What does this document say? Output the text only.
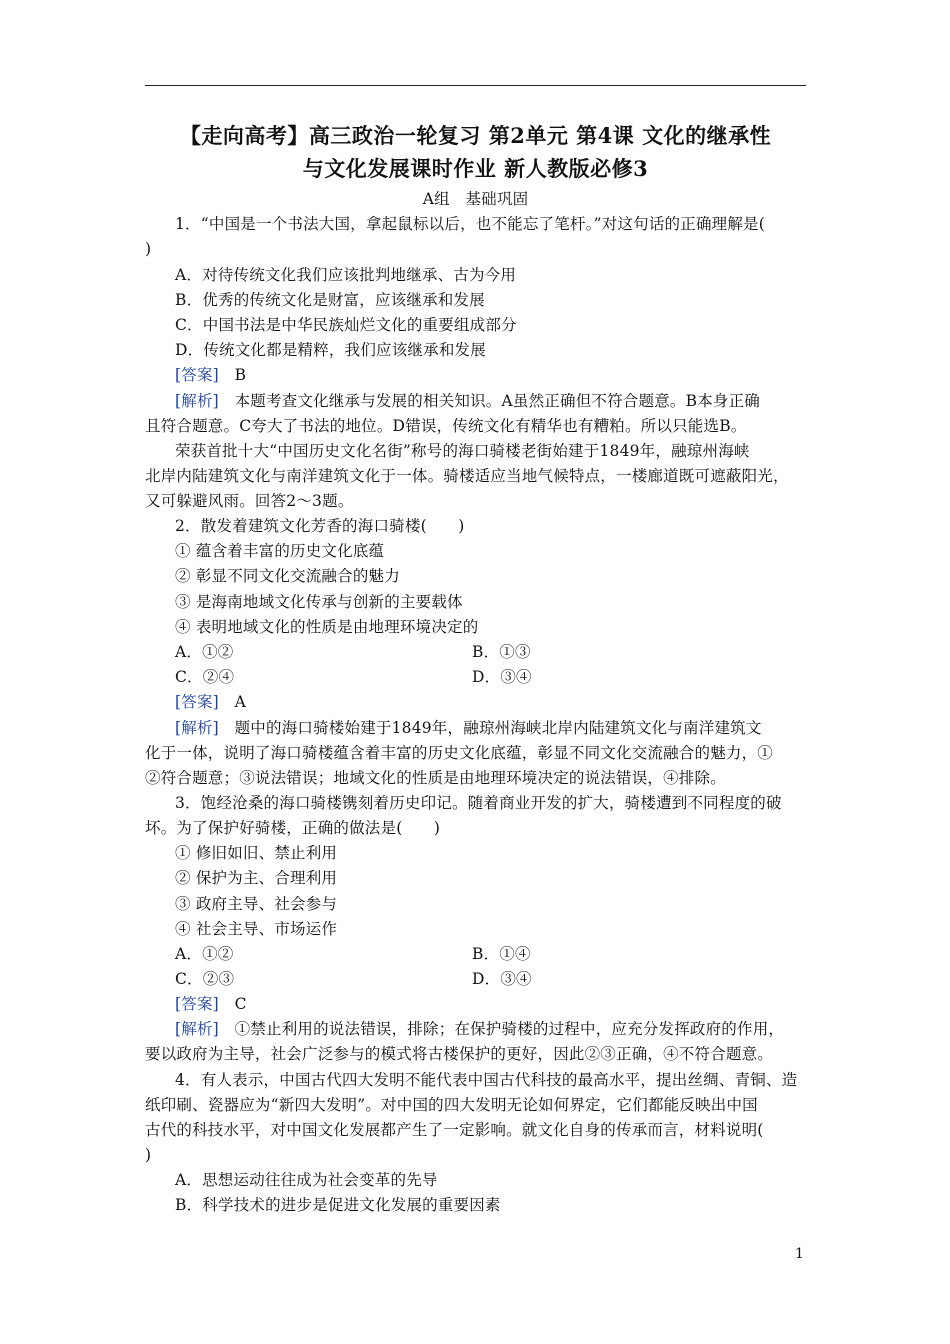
【走向高考】高三政治一轮复习 第2单元 第4课 文化的继承性
与文化发展课时作业 新人教版必修3
A组　基础巩固
1．“中国是一个书法大国，拿起鼠标以后，也不能忘了笔杆。”对这句话的正确理解是(
)
A．对待传统文化我们应该批判地继承、古为今用
B．优秀的传统文化是财富，应该继承和发展
C．中国书法是中华民族灿烂文化的重要组成部分
D．传统文化都是精粹，我们应该继承和发展
[答案]　 B
[解析]　 本题考查文化继承与发展的相关知识。A虽然正确但不符合题意。B本身正确
且符合题意。C夸大了书法的地位。D错误，传统文化有精华也有糟粕。所以只能选B。
荣获首批十大“中国历史文化名街”称号的海口骑楼老街始建于1849年，融琼州海峡
北岸内陆建筑文化与南洋建筑文化于一体。骑楼适应当地气候特点，一楼廊道既可遮蔽阳光，
又可躲避风雨。回答2～3题。
2．散发着建筑文化芳香的海口骑楼(　　)
① 蕴含着丰富的历史文化底蕴
② 彰显不同文化交流融合的魅力
③ 是海南地域文化传承与创新的主要载体
④ 表明地域文化的性质是由地理环境决定的
A．①②	B．①③
C．②④	D．③④
[答案]　 A
[解析]　 题中的海口骑楼始建于1849年，融琼州海峡北岸内陆建筑文化与南洋建筑文
化于一体，说明了海口骑楼蕴含着丰富的历史文化底蕴，彰显不同文化交流融合的魅力，①
②符合题意；③说法错误；地域文化的性质是由地理环境决定的说法错误，④排除。
3．饱经沧桑的海口骑楼镌刻着历史印记。随着商业开发的扩大，骑楼遭到不同程度的破
坏。为了保护好骑楼，正确的做法是(　　)
① 修旧如旧、禁止利用
② 保护为主、合理利用
③ 政府主导、社会参与
④ 社会主导、市场运作
A．①②	B．①④
C．②③	D．③④
[答案]　 C
[解析]　 ①禁止利用的说法错误，排除；在保护骑楼的过程中，应充分发挥政府的作用，
要以政府为主导，社会广泛参与的模式将古楼保护的更好，因此②③正确，④不符合题意。
4．有人表示，中国古代四大发明不能代表中国古代科技的最高水平，提出丝绸、青铜、造
纸印刷、瓷器应为“新四大发明”。对中国的四大发明无论如何界定，它们都能反映出中国
古代的科技水平，对中国文化发展都产生了一定影响。就文化自身的传承而言，材料说明(
)
A．思想运动往往成为社会变革的先导
B．科学技术的进步是促进文化发展的重要因素
1
